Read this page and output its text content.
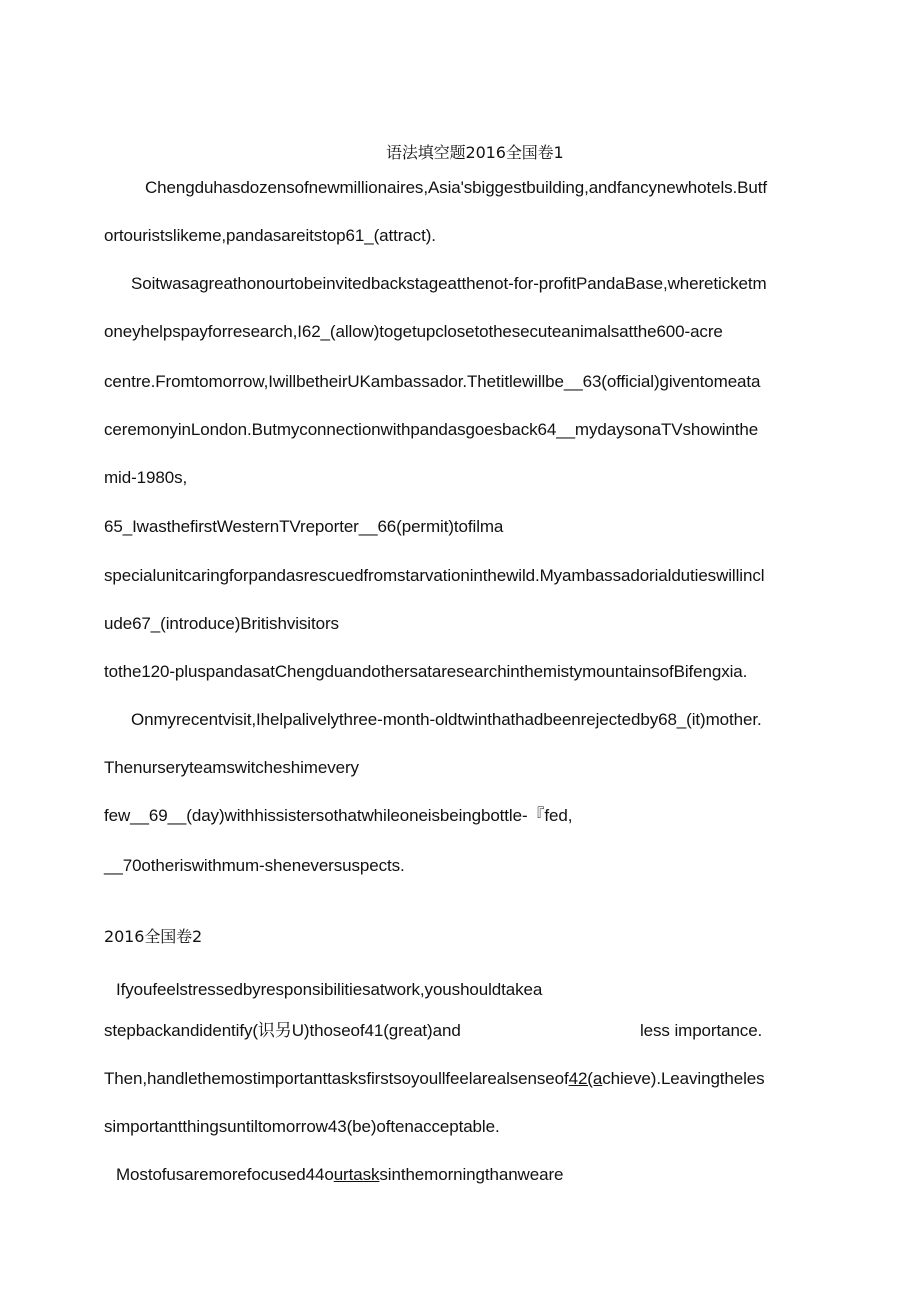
语法填空题2016全国卷1
Chengduhasdozensofnewmillionaires,Asia'sbiggestbuilding,andfancynewhotels.Butf
ortouristslikeme,pandasareitstop61_(attract).
Soitwasagreathonourtobeinvitedbackstageatthenot-for-profitPandaBase,whereticketm
oneyhelpspayforresearch,I62_(allow)togetupclosetothesecuteanimalsatthe600-acre
centre.Fromtomorrow,IwillbetheirUKambassador.Thetitlewillbe__63(official)giventomeata
ceremonyinLondon.Butmyconnectionwithpandasgoesback64__mydaysonaTVshowinthe
mid-1980s,
65_IwasthefirstWesternTVreporter__66(permit)tofilma
specialunitcaringforpandasrescuedfromstarvationinthewild.Myambassadorialdutieswillincl
ude67_(introduce)Britishvisitors
tothe120-pluspandasatChengduandothersataresearchinthemistymountainsofBifengxia.
Onmyrecentvisit,Ihelpalivelythree-month-oldtwinthathadbeenrejectedby68_(it)mother.
Thenurseryteamswitcheshimevery
few__69__(day)withhissistersothatwhileoneisbeingbottle-『fed,
__70otheriswithmum-sheneversuspects.
2016全国卷2
Ifyoufeelstressedbyresponsibilitiesatwork,youshouldtakea
stepbackandidentify(识另U)thoseof41(great)and	less importance.
Then,handlethemostimportanttasksfirstsoyoullfeelarealsenseof42(achieve).Leavingtheles
simportantthingsuntiltomorrow43(be)oftenacceptable.
Mostofusaremorefocused44ourtasksinthemorningthanweare
